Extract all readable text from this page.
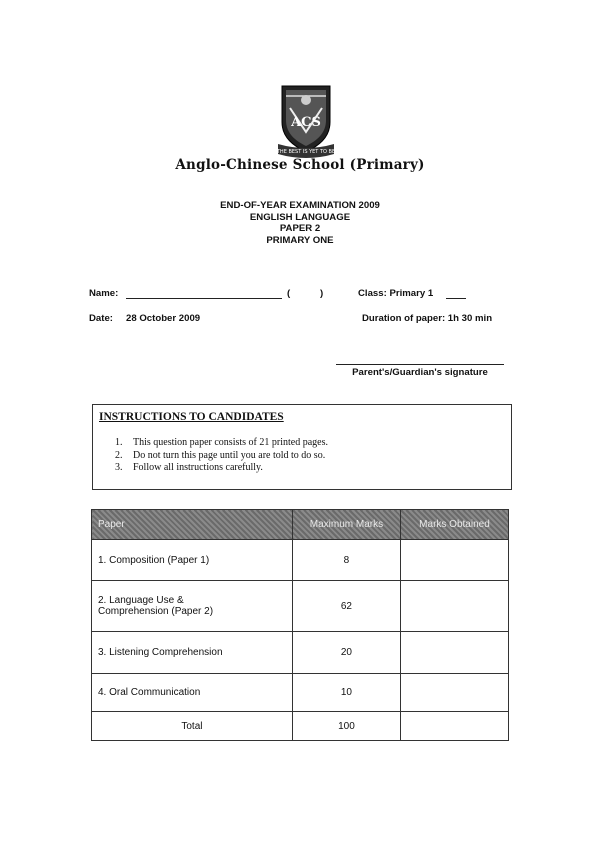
ACS
THE BEST IS YET TO BE
Anglo-Chinese School (Primary)
END-OF-YEAR EXAMINATION 2009
ENGLISH LANGUAGE
PAPER 2
PRIMARY ONE
Name:	(	)	Class: Primary 1
Date: 28 October 2009	Duration of paper: 1h 30 min
Parent's/Guardian's signature
INSTRUCTIONS TO CANDIDATES
1. This question paper consists of 21 printed pages.
2. Do not turn this page until you are told to do so.
3. Follow all instructions carefully.
Paper	Maximum Marks	Marks Obtained
1. Composition (Paper 1)	8	

2. Language Use &
Comprehension (Paper 2)	62	
3. Listening Comprehension	20	
4. Oral Communication	10	
Total	100	
